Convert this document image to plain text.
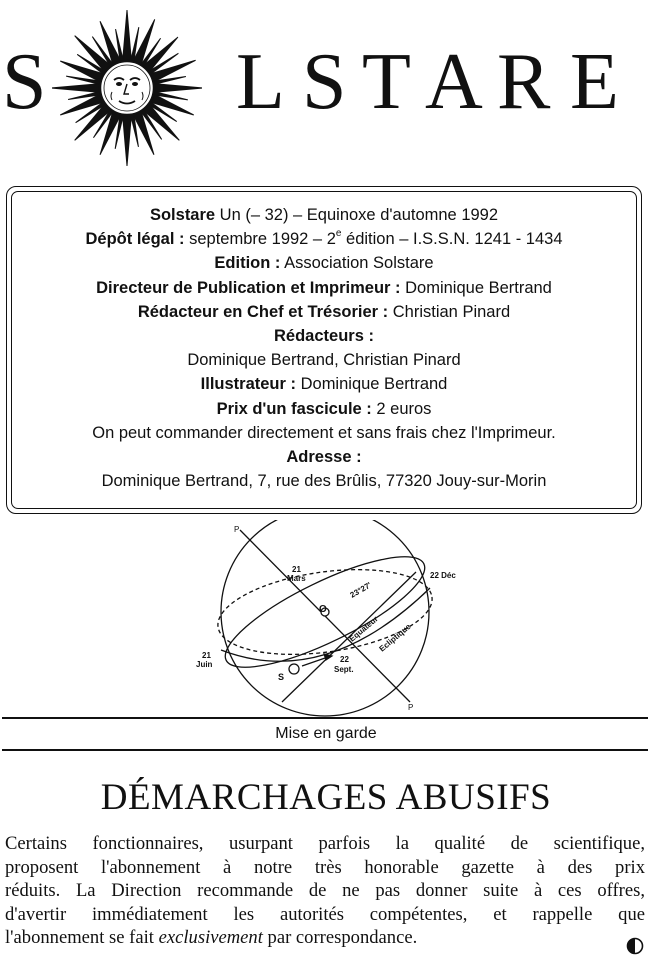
S L S T A R E
Solstare Un (– 32) – Equinoxe d'automne 1992
Dépôt légal : septembre 1992 – 2e édition – I.S.S.N. 1241 - 1434
Edition : Association Solstare
Directeur de Publication et Imprimeur : Dominique Bertrand
Rédacteur en Chef et Trésorier : Christian Pinard
Rédacteurs :
Dominique Bertrand, Christian Pinard
Illustrateur : Dominique Bertrand
Prix d'un fascicule : 2 euros
On peut commander directement et sans frais chez l'Imprimeur.
Adresse :
Dominique Bertrand, 7, rue des Brûlis, 77320 Jouy-sur-Morin
P
P
21
Mars	22 Déc
23°27'
O
Equateur
Ecliptique
21
Juin
22
Sept.
S
Mise en garde
DÉMARCHAGES ABUSIFS
Certains fonctionnaires, usurpant parfois la qualité de scientifique,
proposent l'abonnement à notre très honorable gazette à des prix
réduits. La Direction recommande de ne pas donner suite à ces offres,
d'avertir immédiatement les autorités compétentes, et rappelle que
l'abonnement se fait exclusivement par correspondance.
